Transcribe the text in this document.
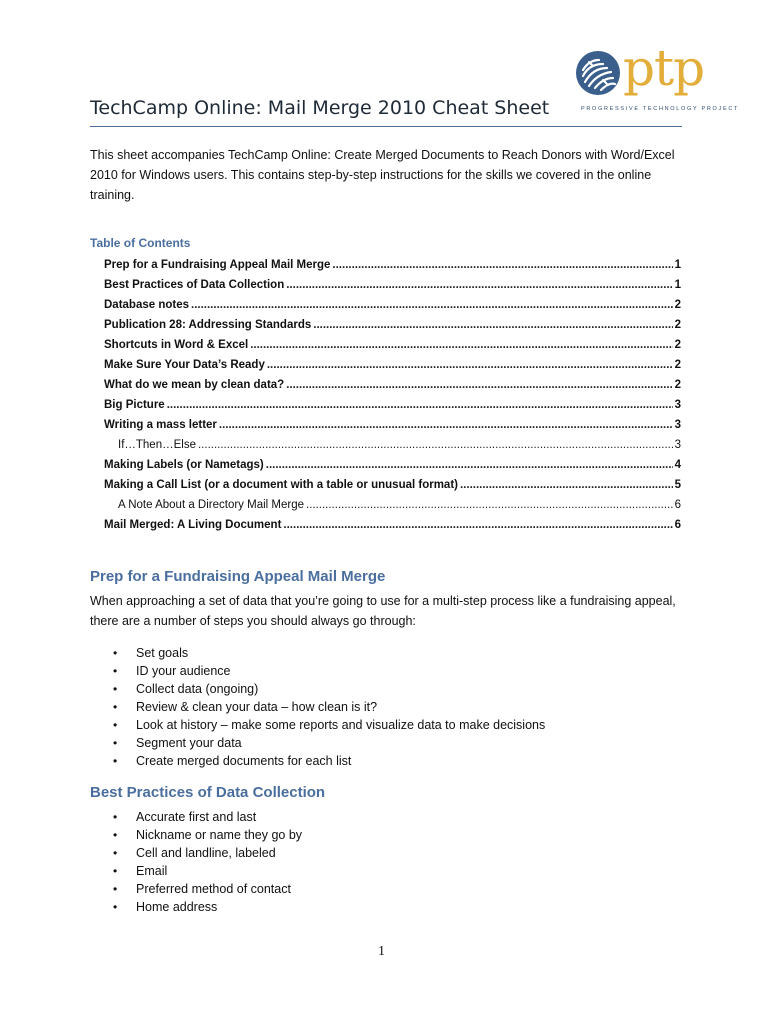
ptp
PROGRESSIVE TECHNOLOGY PROJECT
TechCamp Online: Mail Merge 2010 Cheat Sheet
This sheet accompanies TechCamp Online: Create Merged Documents to Reach Donors with Word/Excel 2010 for Windows users. This contains step-by-step instructions for the skills we covered in the online training.
Table of Contents
Prep for a Fundraising Appeal Mail Merge .....	1
Best Practices of Data Collection .....	1
Database notes .....	2
Publication 28: Addressing Standards .....	2
Shortcuts in Word & Excel .....	2
Make Sure Your Data’s Ready .....	2
What do we mean by clean data? .....	2
Big Picture .....	3
Writing a mass letter .....	3
If…Then…Else .....	3
Making Labels (or Nametags) .....	4
Making a Call List (or a document with a table or unusual format) .....	5
A Note About a Directory Mail Merge .....	6
Mail Merged: A Living Document .....	6
Prep for a Fundraising Appeal Mail Merge
When approaching a set of data that you’re going to use for a multi-step process like a fundraising appeal, there are a number of steps you should always go through:
• Set goals
• ID your audience
• Collect data (ongoing)
• Review & clean your data – how clean is it?
• Look at history – make some reports and visualize data to make decisions
• Segment your data
• Create merged documents for each list
Best Practices of Data Collection
• Accurate first and last
• Nickname or name they go by
• Cell and landline, labeled
• Email
• Preferred method of contact
• Home address
1
